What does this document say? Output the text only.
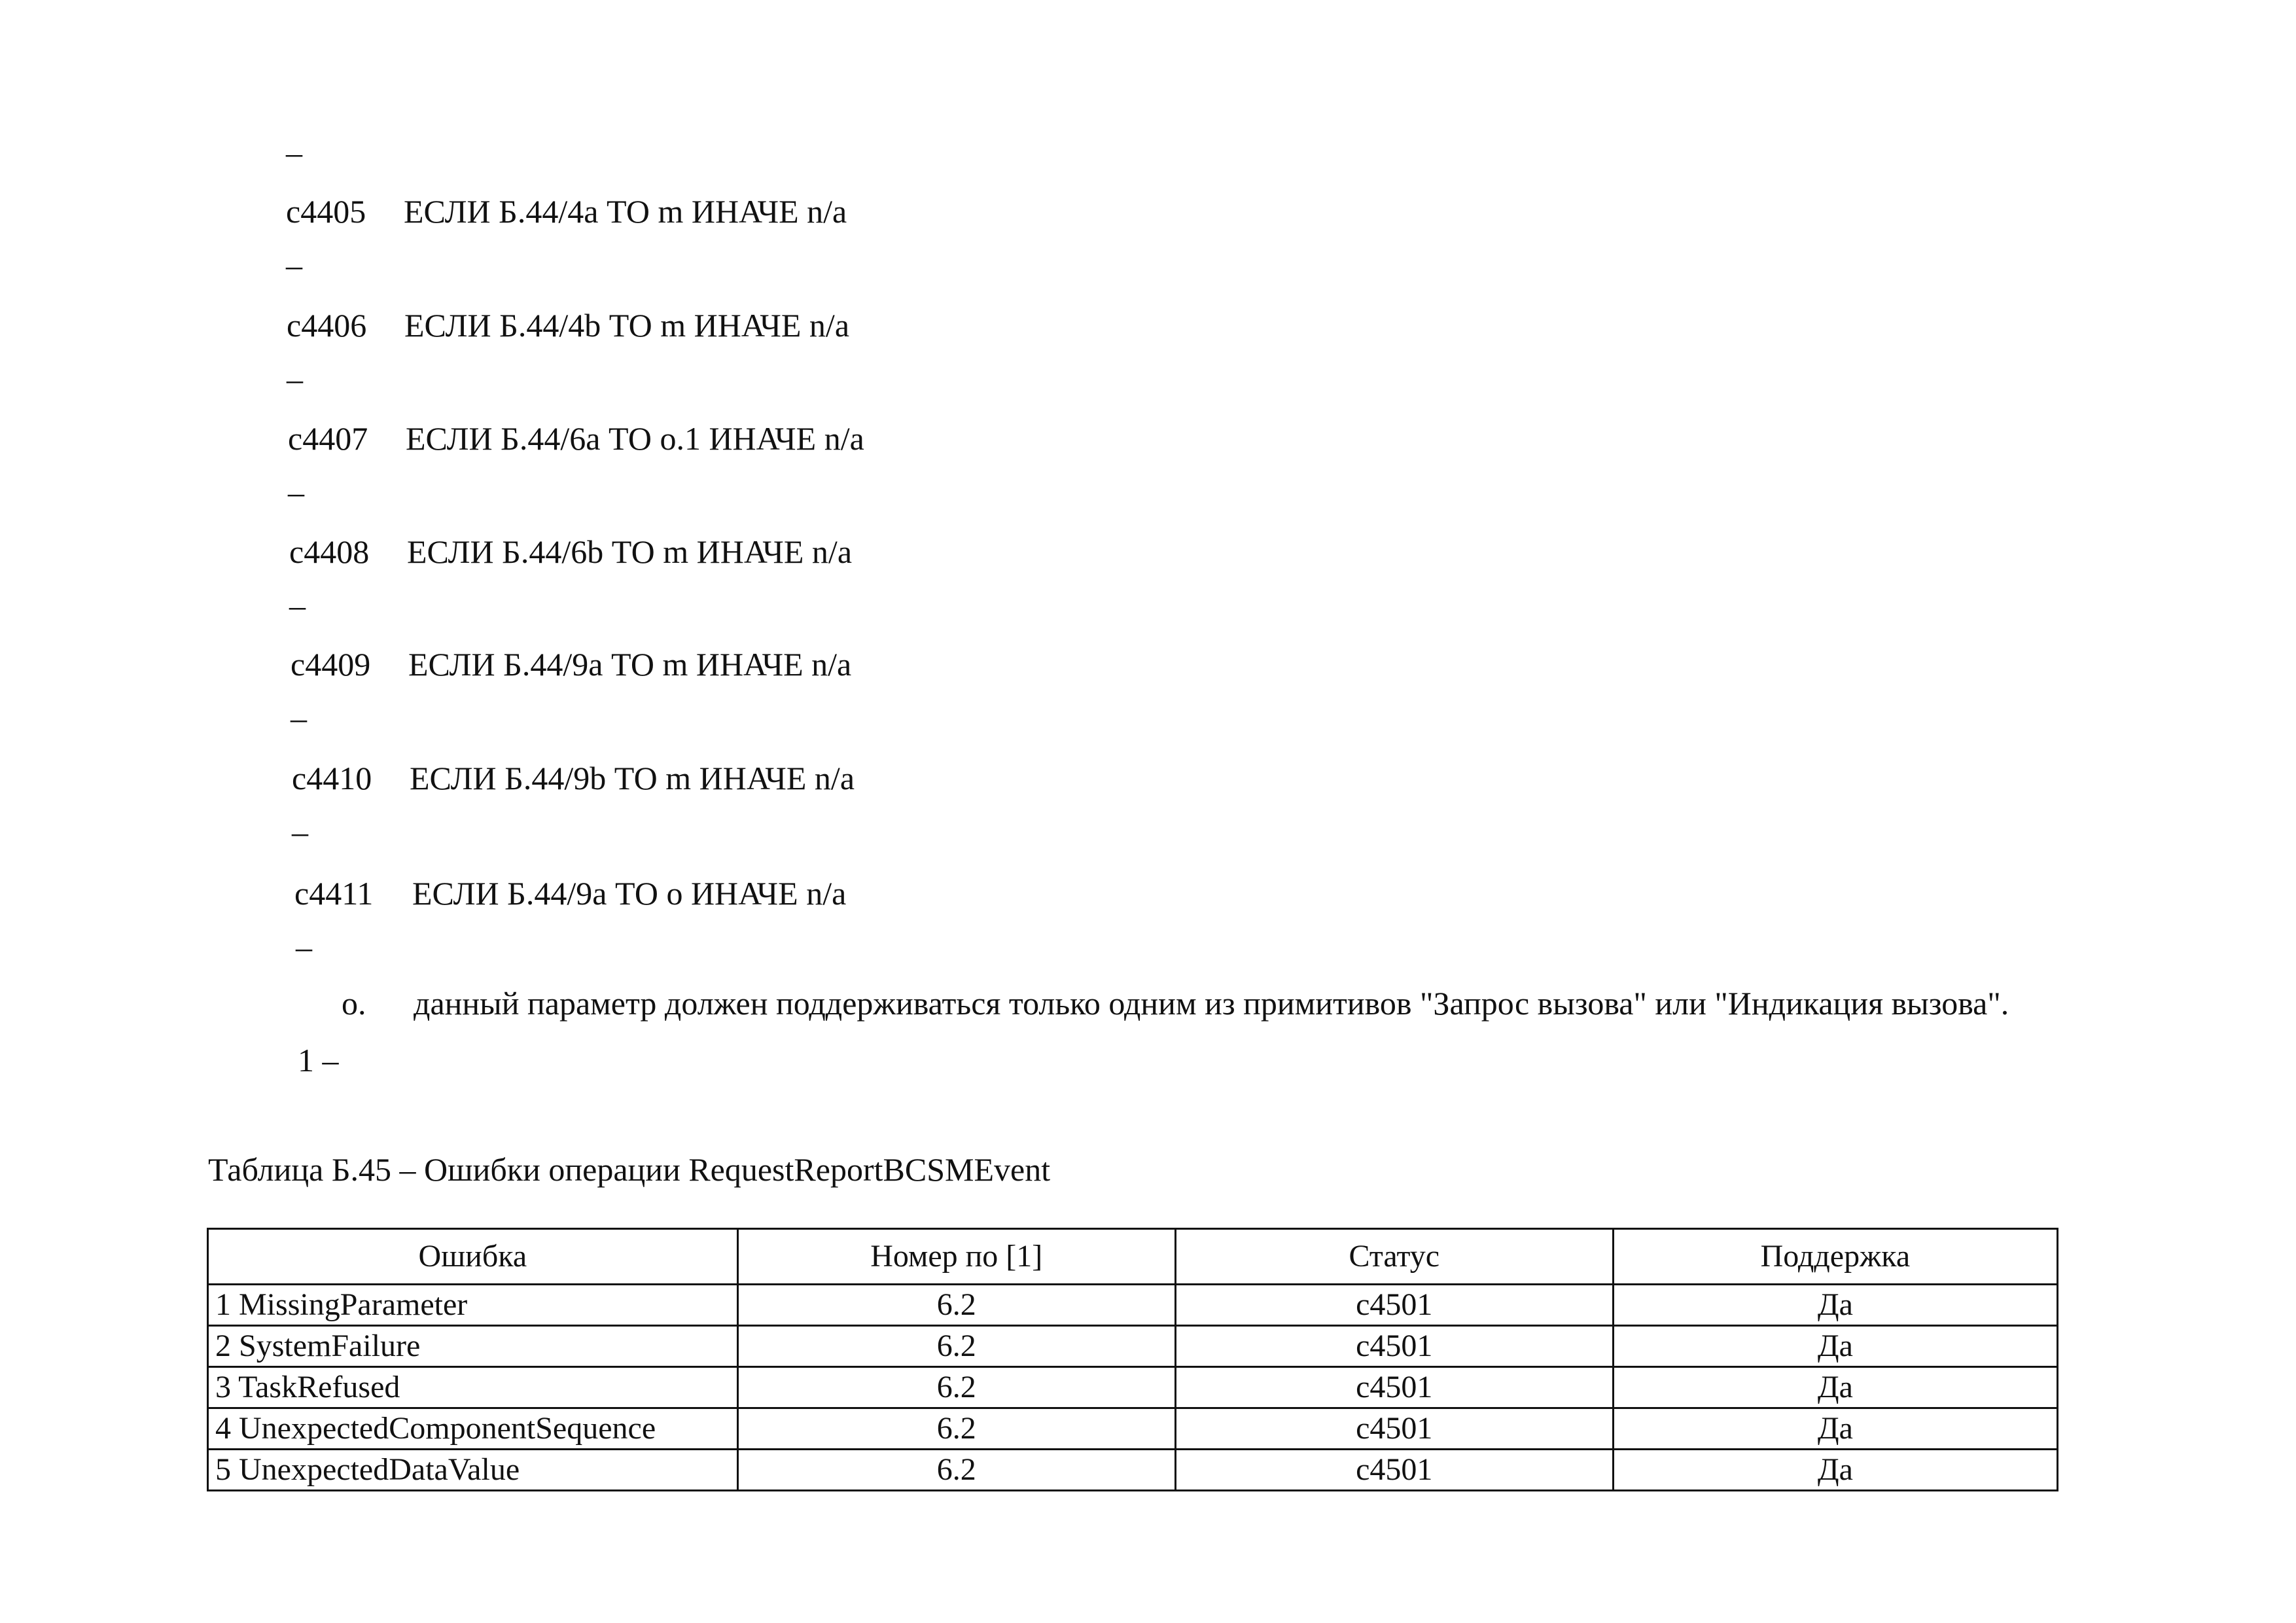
–
c4405 ЕСЛИ Б.44/4a ТО m ИНАЧЕ n/a
–
c4406 ЕСЛИ Б.44/4b ТО m ИНАЧЕ n/a
–
c4407 ЕСЛИ Б.44/6a ТО o.1 ИНАЧЕ n/a
–
c4408 ЕСЛИ Б.44/6b ТО m ИНАЧЕ n/a
–
c4409 ЕСЛИ Б.44/9a ТО m ИНАЧЕ n/a
–
c4410 ЕСЛИ Б.44/9b ТО m ИНАЧЕ n/a
–
c4411 ЕСЛИ Б.44/9a ТО o ИНАЧЕ n/a
–
o. данный параметр должен поддерживаться только одним из примитивов "Запрос вызова" или "Индикация вызова".
1 –
Таблица Б.45 – Ошибки операции RequestReportBCSMEvent
Ошибка	Номер по [1]	Статус	Поддержка
1 MissingParameter	6.2	c4501	Да
2 SystemFailure	6.2	c4501	Да
3 TaskRefused	6.2	c4501	Да
4 UnexpectedComponentSequence	6.2	c4501	Да
5 UnexpectedDataValue	6.2	c4501	Да
